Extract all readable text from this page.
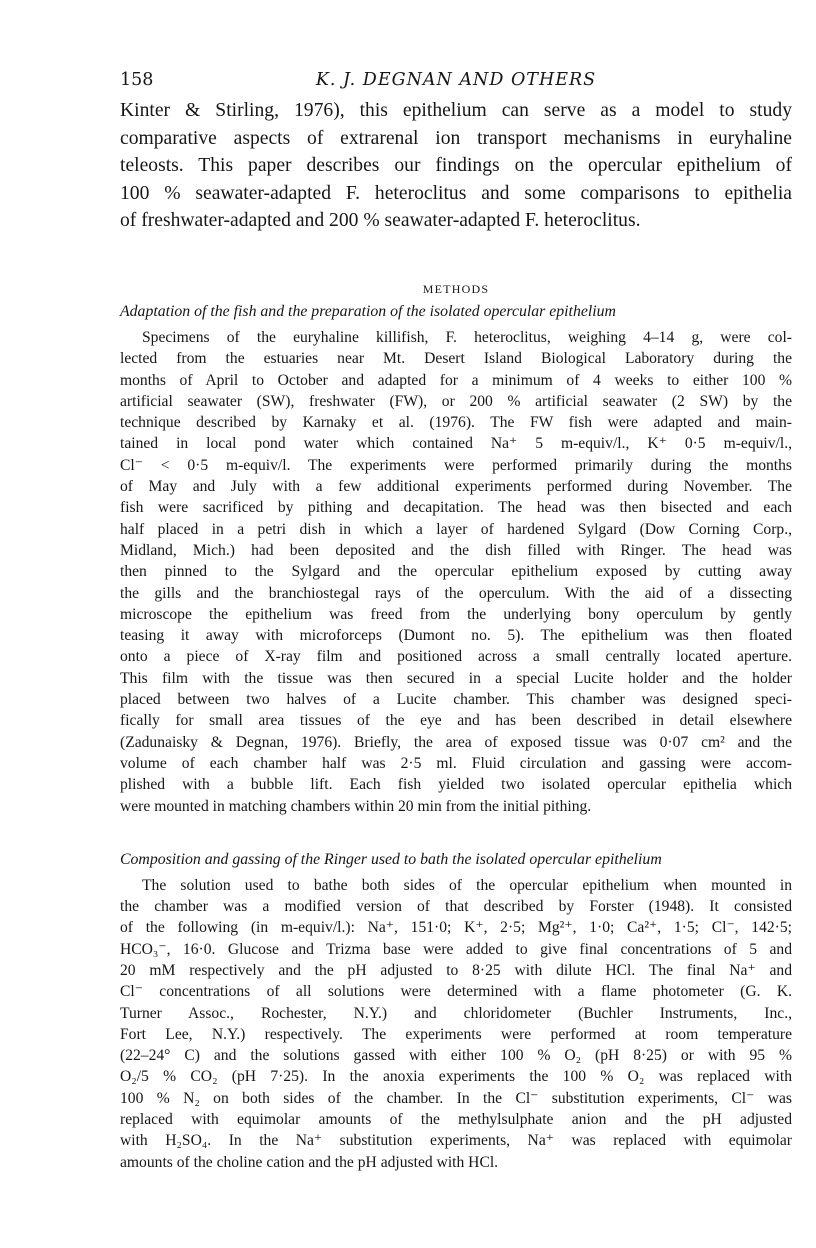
158	K. J. DEGNAN AND OTHERS
Kinter & Stirling, 1976), this epithelium can serve as a model to study
comparative aspects of extrarenal ion transport mechanisms in euryhaline
teleosts. This paper describes our findings on the opercular epithelium of
100 % seawater-adapted F. heteroclitus and some comparisons to epithelia
of freshwater-adapted and 200 % seawater-adapted F. heteroclitus.
METHODS
Adaptation of the fish and the preparation of the isolated opercular epithelium
Specimens of the euryhaline killifish, F. heteroclitus, weighing 4–14 g, were col-
lected from the estuaries near Mt. Desert Island Biological Laboratory during the
months of April to October and adapted for a minimum of 4 weeks to either 100 %
artificial seawater (SW), freshwater (FW), or 200 % artificial seawater (2 SW) by the
technique described by Karnaky et al. (1976). The FW fish were adapted and main-
tained in local pond water which contained Na⁺ 5 m-equiv/l., K⁺ 0·5 m-equiv/l.,
Cl⁻ < 0·5 m-equiv/l. The experiments were performed primarily during the months
of May and July with a few additional experiments performed during November. The
fish were sacrificed by pithing and decapitation. The head was then bisected and each
half placed in a petri dish in which a layer of hardened Sylgard (Dow Corning Corp.,
Midland, Mich.) had been deposited and the dish filled with Ringer. The head was
then pinned to the Sylgard and the opercular epithelium exposed by cutting away
the gills and the branchiostegal rays of the operculum. With the aid of a dissecting
microscope the epithelium was freed from the underlying bony operculum by gently
teasing it away with microforceps (Dumont no. 5). The epithelium was then floated
onto a piece of X-ray film and positioned across a small centrally located aperture.
This film with the tissue was then secured in a special Lucite holder and the holder
placed between two halves of a Lucite chamber. This chamber was designed speci-
fically for small area tissues of the eye and has been described in detail elsewhere
(Zadunaisky & Degnan, 1976). Briefly, the area of exposed tissue was 0·07 cm² and the
volume of each chamber half was 2·5 ml. Fluid circulation and gassing were accom-
plished with a bubble lift. Each fish yielded two isolated opercular epithelia which
were mounted in matching chambers within 20 min from the initial pithing.
Composition and gassing of the Ringer used to bath the isolated opercular epithelium
The solution used to bathe both sides of the opercular epithelium when mounted in
the chamber was a modified version of that described by Forster (1948). It consisted
of the following (in m-equiv/l.): Na⁺, 151·0; K⁺, 2·5; Mg²⁺, 1·0; Ca²⁺, 1·5; Cl⁻, 142·5;
HCO₃⁻, 16·0. Glucose and Trizma base were added to give final concentrations of 5 and
20 mM respectively and the pH adjusted to 8·25 with dilute HCl. The final Na⁺ and
Cl⁻ concentrations of all solutions were determined with a flame photometer (G. K.
Turner Assoc., Rochester, N.Y.) and chloridometer (Buchler Instruments, Inc.,
Fort Lee, N.Y.) respectively. The experiments were performed at room temperature
(22–24° C) and the solutions gassed with either 100 % O₂ (pH 8·25) or with 95 %
O₂/5 % CO₂ (pH 7·25). In the anoxia experiments the 100 % O₂ was replaced with
100 % N₂ on both sides of the chamber. In the Cl⁻ substitution experiments, Cl⁻ was
replaced with equimolar amounts of the methylsulphate anion and the pH adjusted
with H₂SO₄. In the Na⁺ substitution experiments, Na⁺ was replaced with equimolar
amounts of the choline cation and the pH adjusted with HCl.
